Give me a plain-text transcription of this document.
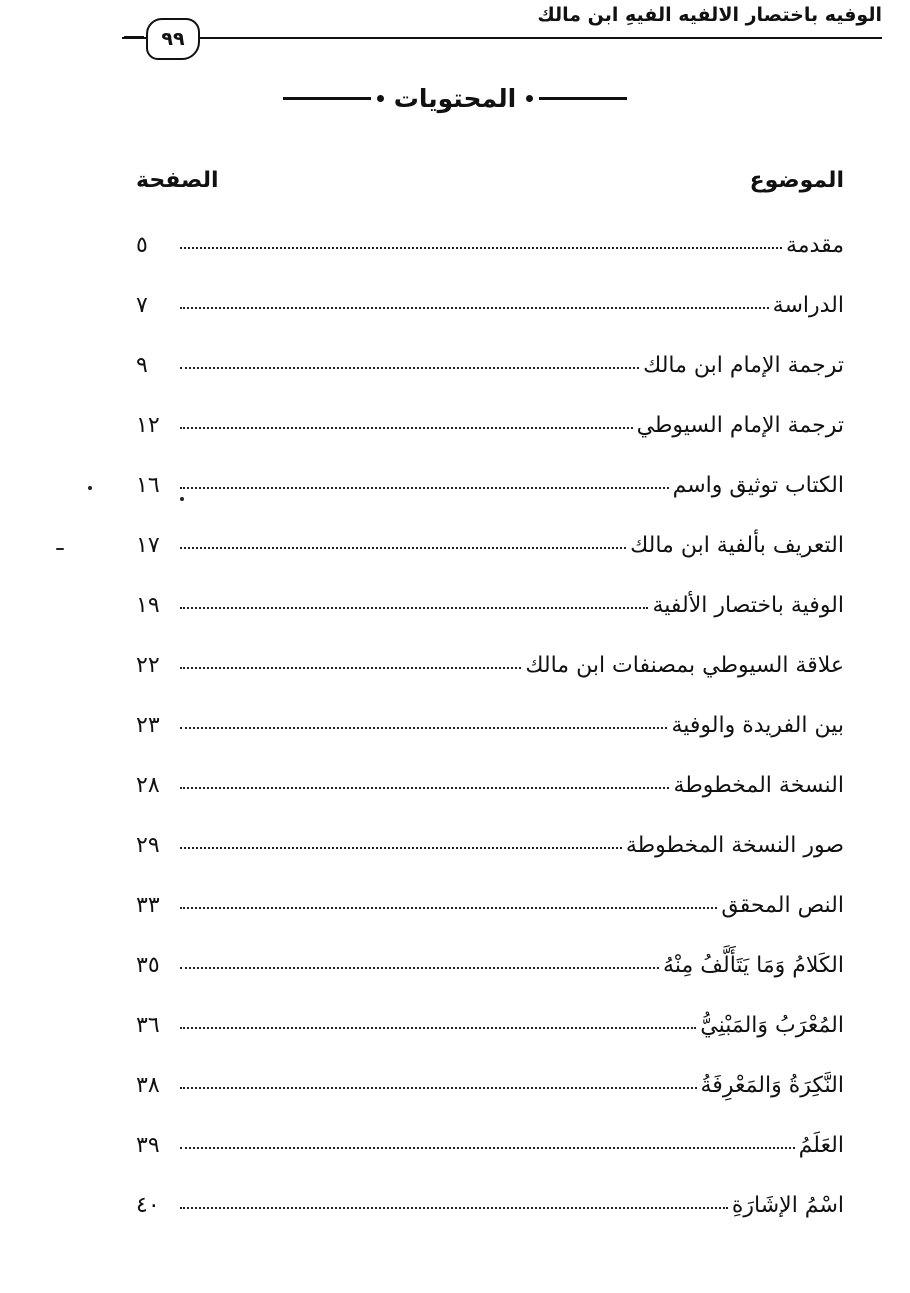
الوفيه باختصار الالفيه الفيهِ ابن مالك
٩٩
المحتويات
الموضوع
الصفحة
مقدمة
٥
الدراسة
٧
ترجمة الإمام ابن مالك
٩
ترجمة الإمام السيوطي
١٢
الكتاب توثيق واسم
١٦
التعريف بألفية ابن مالك
١٧
الوفية باختصار الألفية
١٩
علاقة السيوطي بمصنفات ابن مالك
٢٢
بين الفريدة والوفية
٢٣
النسخة المخطوطة
٢٨
صور النسخة المخطوطة
٢٩
النص المحقق
٣٣
الكَلامُ وَمَا يَتَأَلَّفُ مِنْهُ
٣٥
المُعْرَبُ وَالمَبْنِيُّ
٣٦
النَّكِرَةُ وَالمَعْرِفَةُ
٣٨
العَلَمُ
٣٩
اسْمُ الإشَارَةِ
٤٠
